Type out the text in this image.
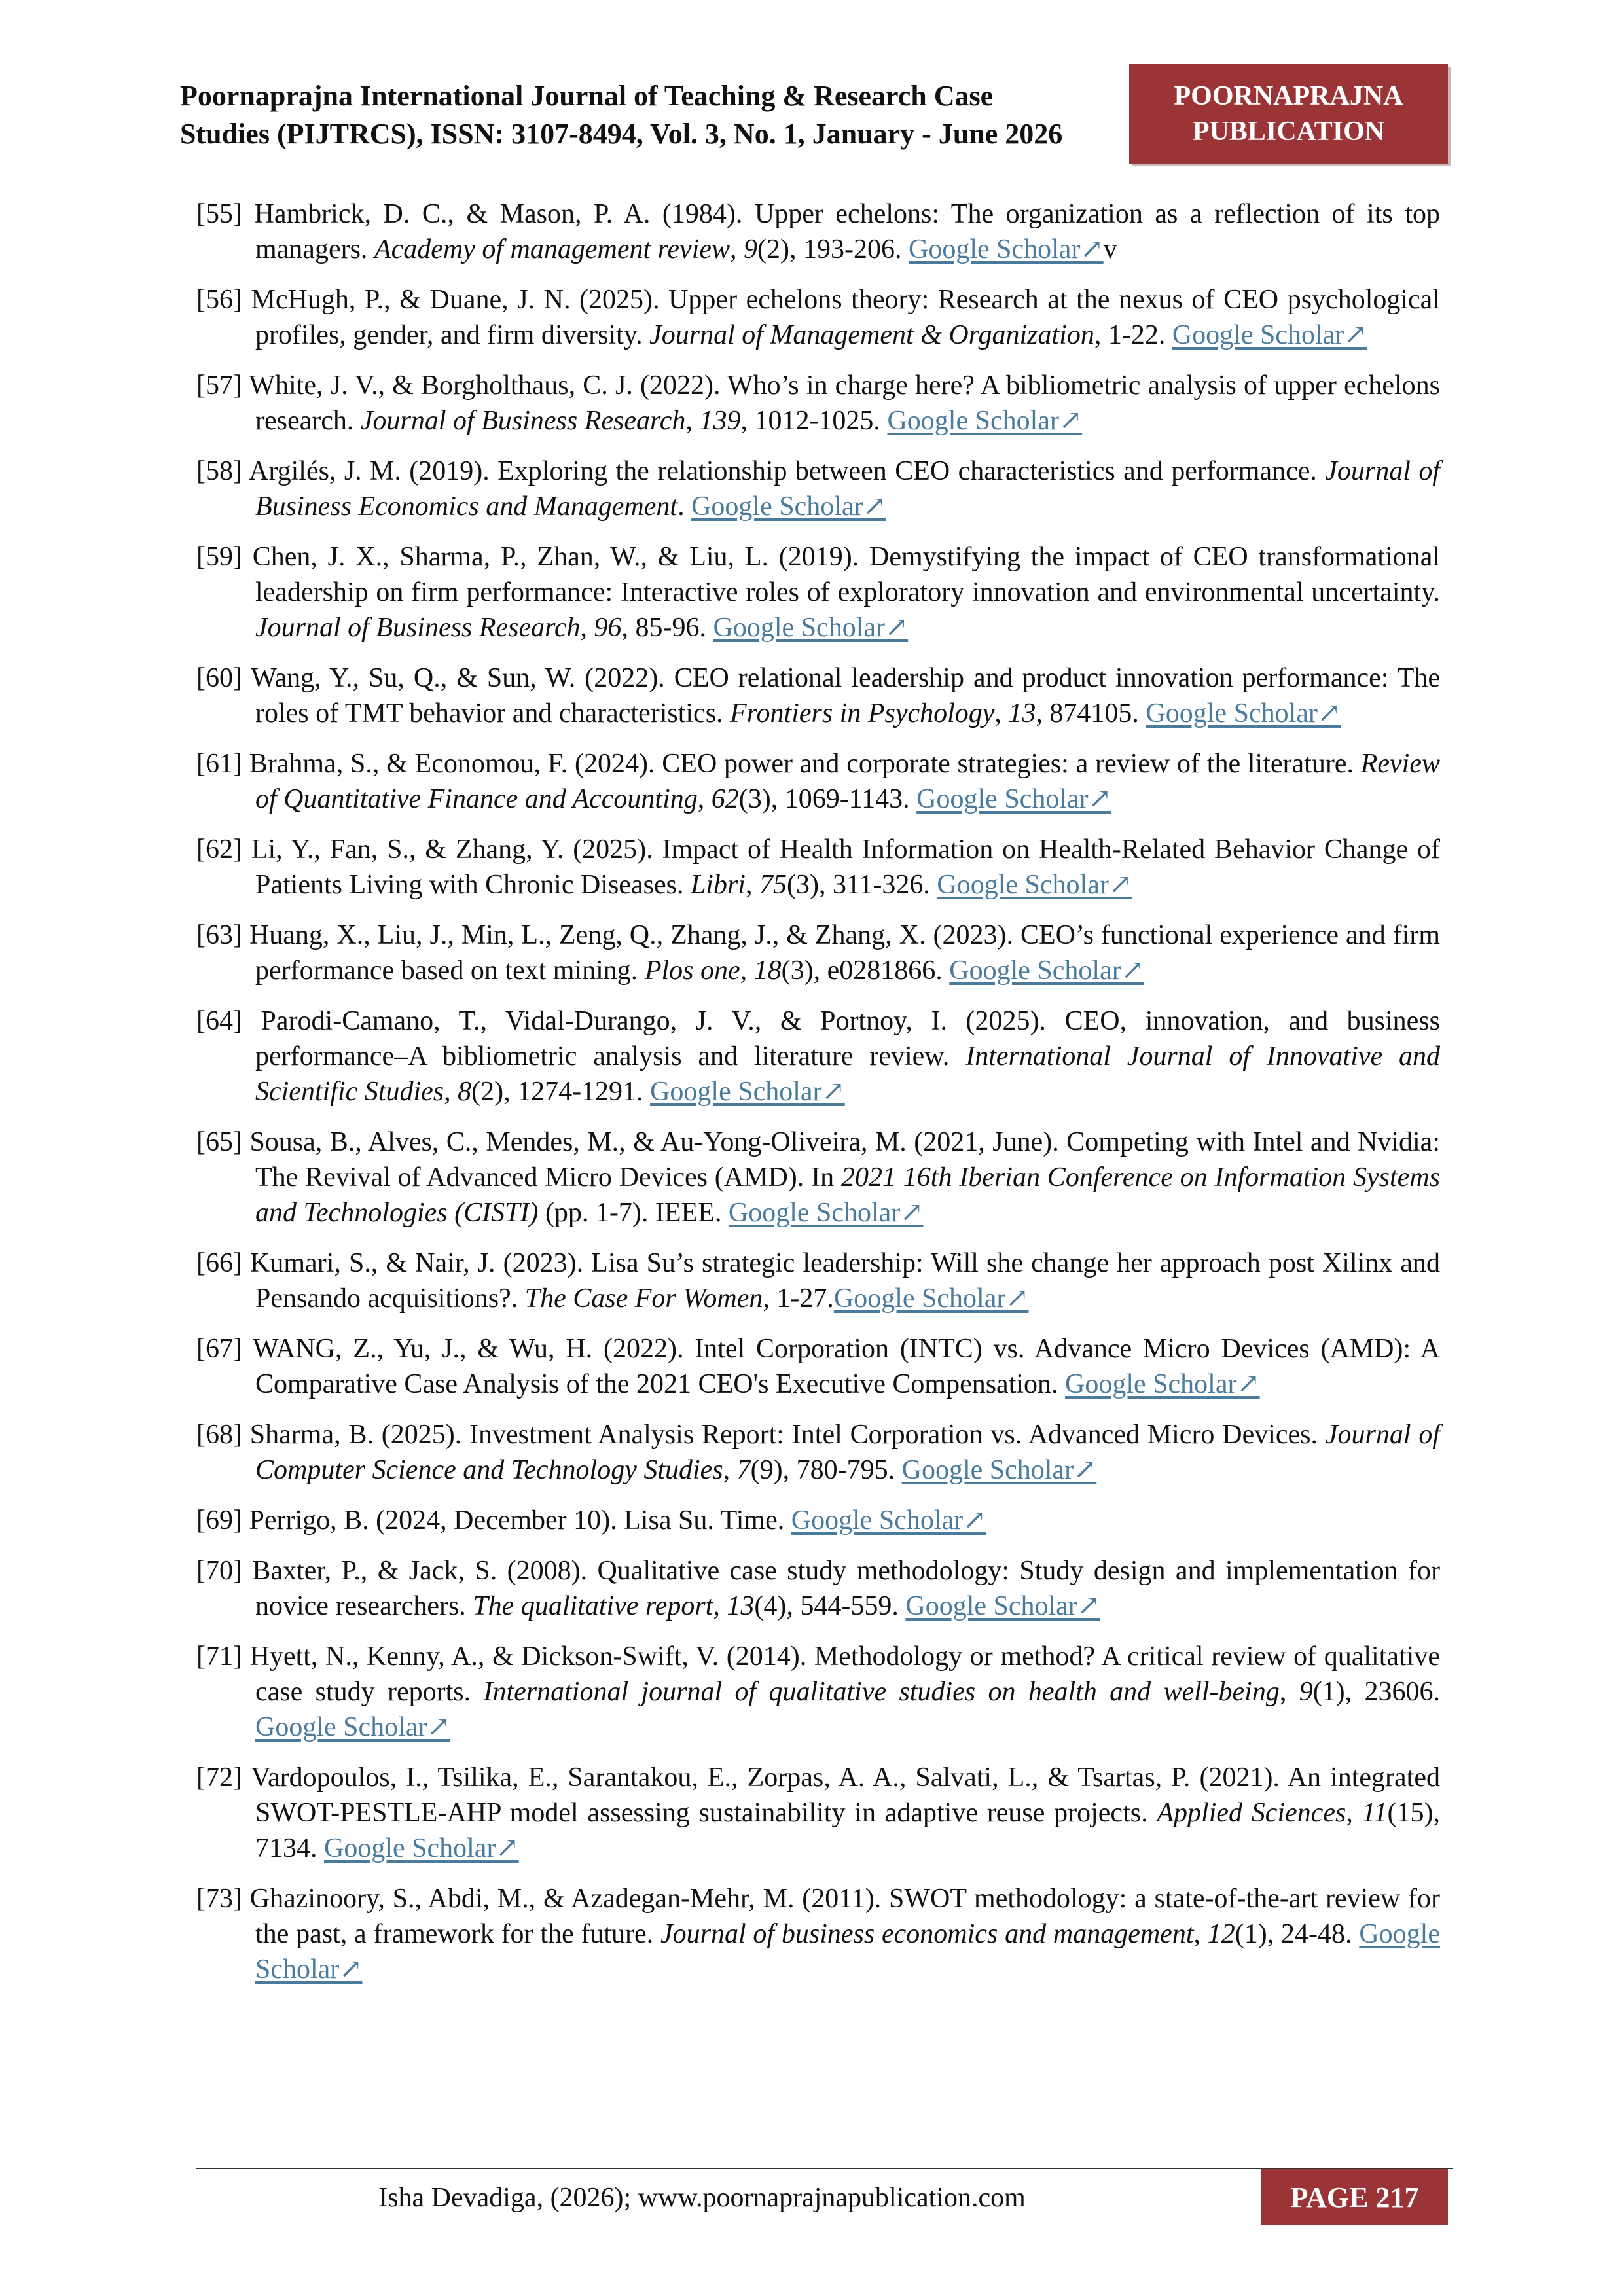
Poornaprajna International Journal of Teaching & Research Case
Studies (PIJTRCS), ISSN: 3107-8494, Vol. 3, No. 1, January - June 2026
POORNAPRAJNA
PUBLICATION
[55] Hambrick, D. C., & Mason, P. A. (1984). Upper echelons: The organization as a reflection of its top managers. Academy of management review, 9(2), 193-206. Google Scholar↗v
[56] McHugh, P., & Duane, J. N. (2025). Upper echelons theory: Research at the nexus of CEO psychological profiles, gender, and firm diversity. Journal of Management & Organization, 1-22. Google Scholar↗
[57] White, J. V., & Borgholthaus, C. J. (2022). Who’s in charge here? A bibliometric analysis of upper echelons research. Journal of Business Research, 139, 1012-1025. Google Scholar↗
[58] Argilés, J. M. (2019). Exploring the relationship between CEO characteristics and performance. Journal of Business Economics and Management. Google Scholar↗
[59] Chen, J. X., Sharma, P., Zhan, W., & Liu, L. (2019). Demystifying the impact of CEO transformational leadership on firm performance: Interactive roles of exploratory innovation and environmental uncertainty. Journal of Business Research, 96, 85-96. Google Scholar↗
[60] Wang, Y., Su, Q., & Sun, W. (2022). CEO relational leadership and product innovation performance: The roles of TMT behavior and characteristics. Frontiers in Psychology, 13, 874105. Google Scholar↗
[61] Brahma, S., & Economou, F. (2024). CEO power and corporate strategies: a review of the literature. Review of Quantitative Finance and Accounting, 62(3), 1069-1143. Google Scholar↗
[62] Li, Y., Fan, S., & Zhang, Y. (2025). Impact of Health Information on Health-Related Behavior Change of Patients Living with Chronic Diseases. Libri, 75(3), 311-326. Google Scholar↗
[63] Huang, X., Liu, J., Min, L., Zeng, Q., Zhang, J., & Zhang, X. (2023). CEO’s functional experience and firm performance based on text mining. Plos one, 18(3), e0281866. Google Scholar↗
[64] Parodi-Camano, T., Vidal-Durango, J. V., & Portnoy, I. (2025). CEO, innovation, and business performance–A bibliometric analysis and literature review. International Journal of Innovative and Scientific Studies, 8(2), 1274-1291. Google Scholar↗
[65] Sousa, B., Alves, C., Mendes, M., & Au-Yong-Oliveira, M. (2021, June). Competing with Intel and Nvidia: The Revival of Advanced Micro Devices (AMD). In 2021 16th Iberian Conference on Information Systems and Technologies (CISTI) (pp. 1-7). IEEE. Google Scholar↗
[66] Kumari, S., & Nair, J. (2023). Lisa Su’s strategic leadership: Will she change her approach post Xilinx and Pensando acquisitions?. The Case For Women, 1-27.Google Scholar↗
[67] WANG, Z., Yu, J., & Wu, H. (2022). Intel Corporation (INTC) vs. Advance Micro Devices (AMD): A Comparative Case Analysis of the 2021 CEO's Executive Compensation. Google Scholar↗
[68] Sharma, B. (2025). Investment Analysis Report: Intel Corporation vs. Advanced Micro Devices. Journal of Computer Science and Technology Studies, 7(9), 780-795. Google Scholar↗
[69] Perrigo, B. (2024, December 10). Lisa Su. Time. Google Scholar↗
[70] Baxter, P., & Jack, S. (2008). Qualitative case study methodology: Study design and implementation for novice researchers. The qualitative report, 13(4), 544-559. Google Scholar↗
[71] Hyett, N., Kenny, A., & Dickson-Swift, V. (2014). Methodology or method? A critical review of qualitative case study reports. International journal of qualitative studies on health and well-being, 9(1), 23606. Google Scholar↗
[72] Vardopoulos, I., Tsilika, E., Sarantakou, E., Zorpas, A. A., Salvati, L., & Tsartas, P. (2021). An integrated SWOT-PESTLE-AHP model assessing sustainability in adaptive reuse projects. Applied Sciences, 11(15), 7134. Google Scholar↗
[73] Ghazinoory, S., Abdi, M., & Azadegan-Mehr, M. (2011). SWOT methodology: a state-of-the-art review for the past, a framework for the future. Journal of business economics and management, 12(1), 24-48. Google Scholar↗
Isha Devadiga, (2026); www.poornaprajnapublication.com	PAGE 217
